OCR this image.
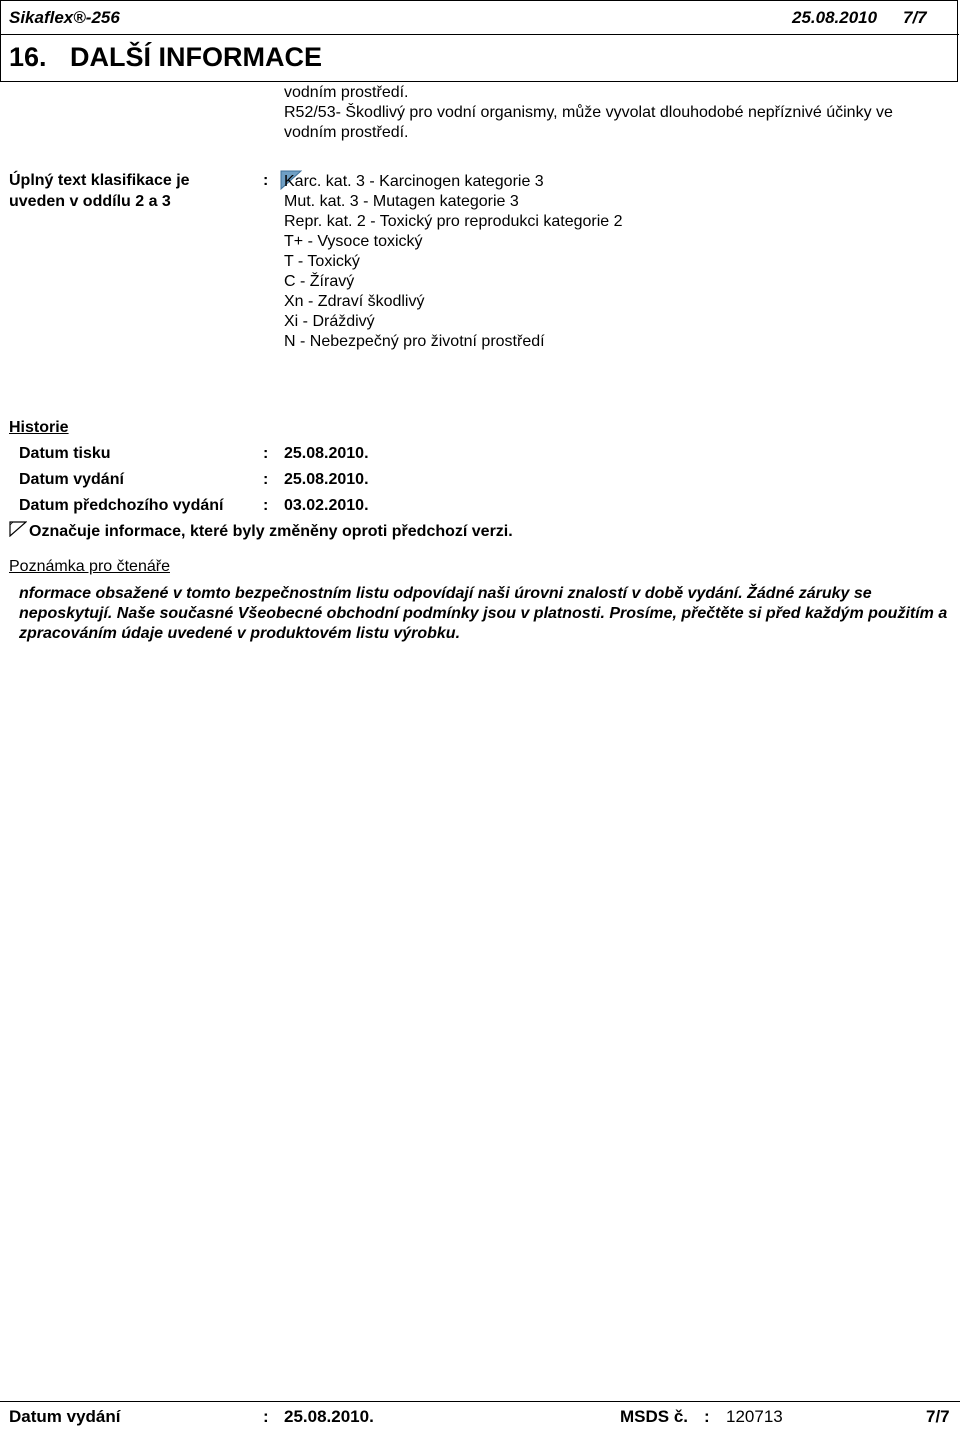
Sikaflex®-256	25.08.2010 7/7
16. DALŠÍ INFORMACE
vodním prostředí.
R52/53- Škodlivý pro vodní organismy, může vyvolat dlouhodobé nepříznivé účinky ve
vodním prostředí.
Úplný text klasifikace je
uveden v oddílu 2 a 3
: Karc. kat. 3 - Karcinogen kategorie 3
Mut. kat. 3 - Mutagen kategorie 3
Repr. kat. 2 - Toxický pro reprodukci kategorie 2
T+ - Vysoce toxický
T - Toxický
C - Žíravý
Xn - Zdraví škodlivý
Xi - Dráždivý
N - Nebezpečný pro životní prostředí
Historie
Datum tisku	: 25.08.2010.
Datum vydání	: 25.08.2010.
Datum předchozího vydání : 03.02.2010.
Označuje informace, které byly změněny oproti předchozí verzi.
Poznámka pro čtenáře
nformace obsažené v tomto bezpečnostním listu odpovídají naši úrovni znalostí v době vydání. Žádné záruky se neposkytují. Naše současné Všeobecné obchodní podmínky jsou v platnosti. Prosíme, přečtěte si před každým použitím a zpracováním údaje uvedené v produktovém listu výrobku.
Datum vydání	: 25.08.2010.	MSDS č. : 120713	7/7
